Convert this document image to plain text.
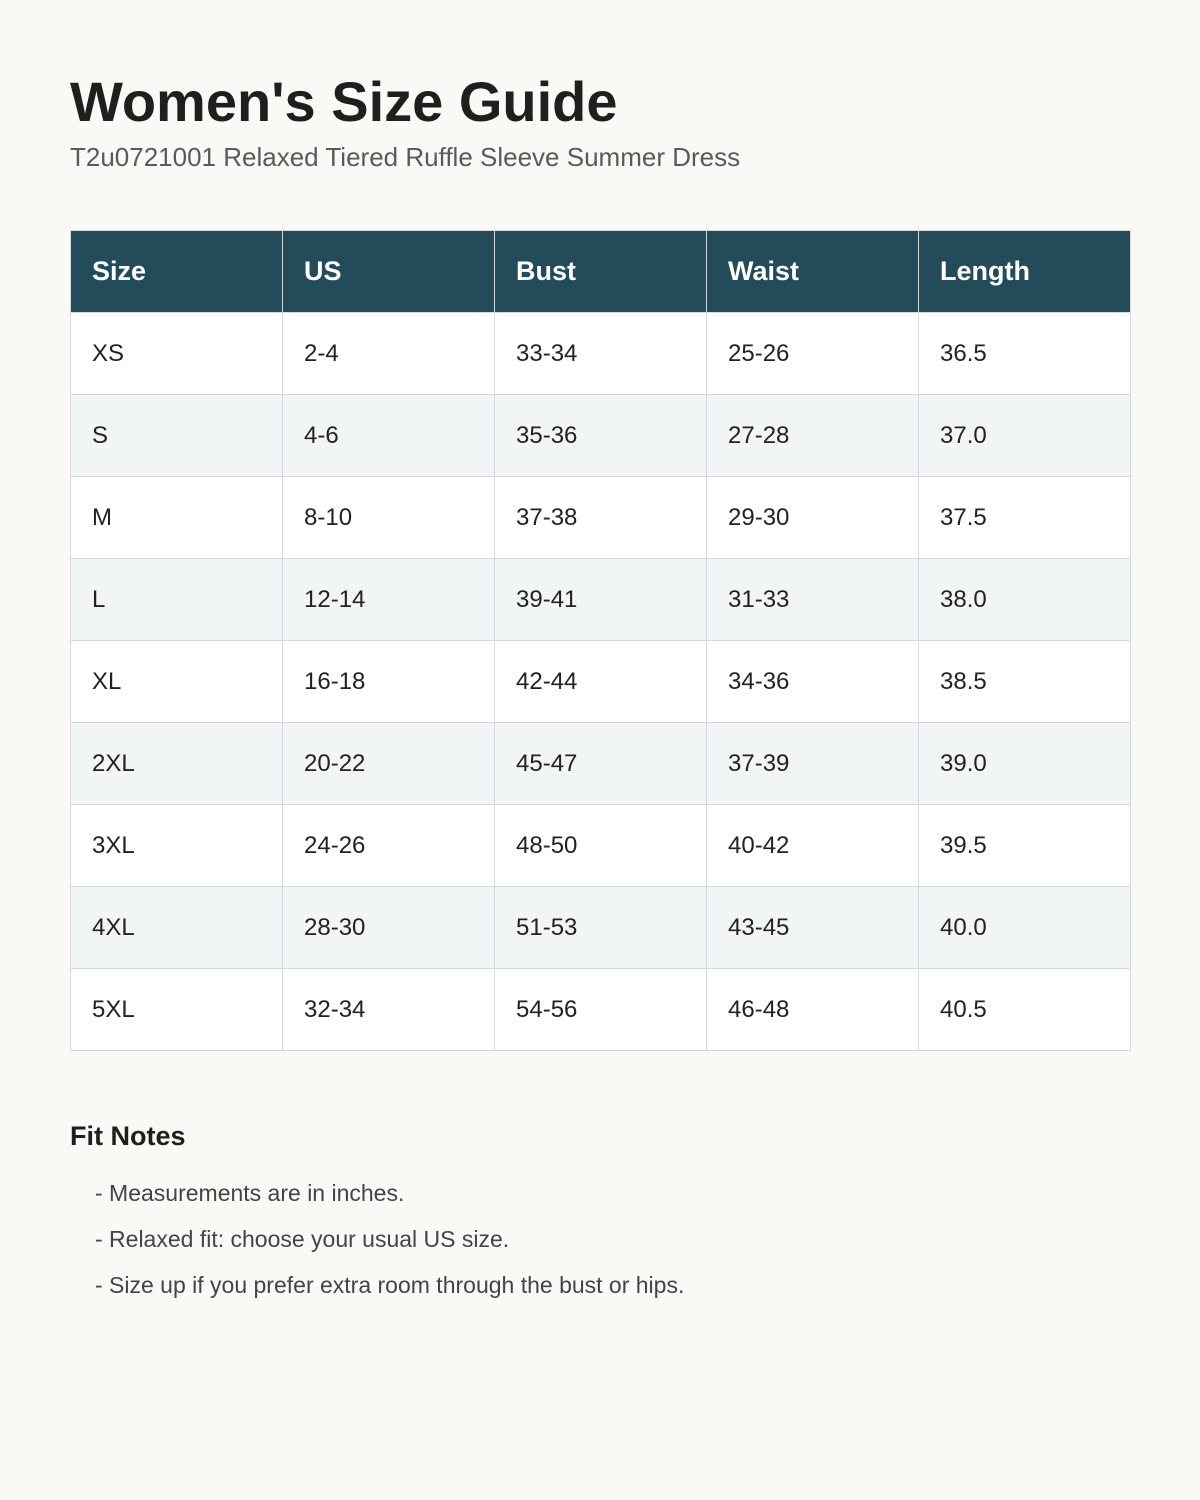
Women's Size Guide
T2u0721001 Relaxed Tiered Ruffle Sleeve Summer Dress
Size	US	Bust	Waist	Length
XS	2-4	33-34	25-26	36.5
S	4-6	35-36	27-28	37.0
M	8-10	37-38	29-30	37.5
L	12-14	39-41	31-33	38.0
XL	16-18	42-44	34-36	38.5
2XL	20-22	45-47	37-39	39.0
3XL	24-26	48-50	40-42	39.5
4XL	28-30	51-53	43-45	40.0
5XL	32-34	54-56	46-48	40.5
Fit Notes
- Measurements are in inches.
- Relaxed fit: choose your usual US size.
- Size up if you prefer extra room through the bust or hips.
